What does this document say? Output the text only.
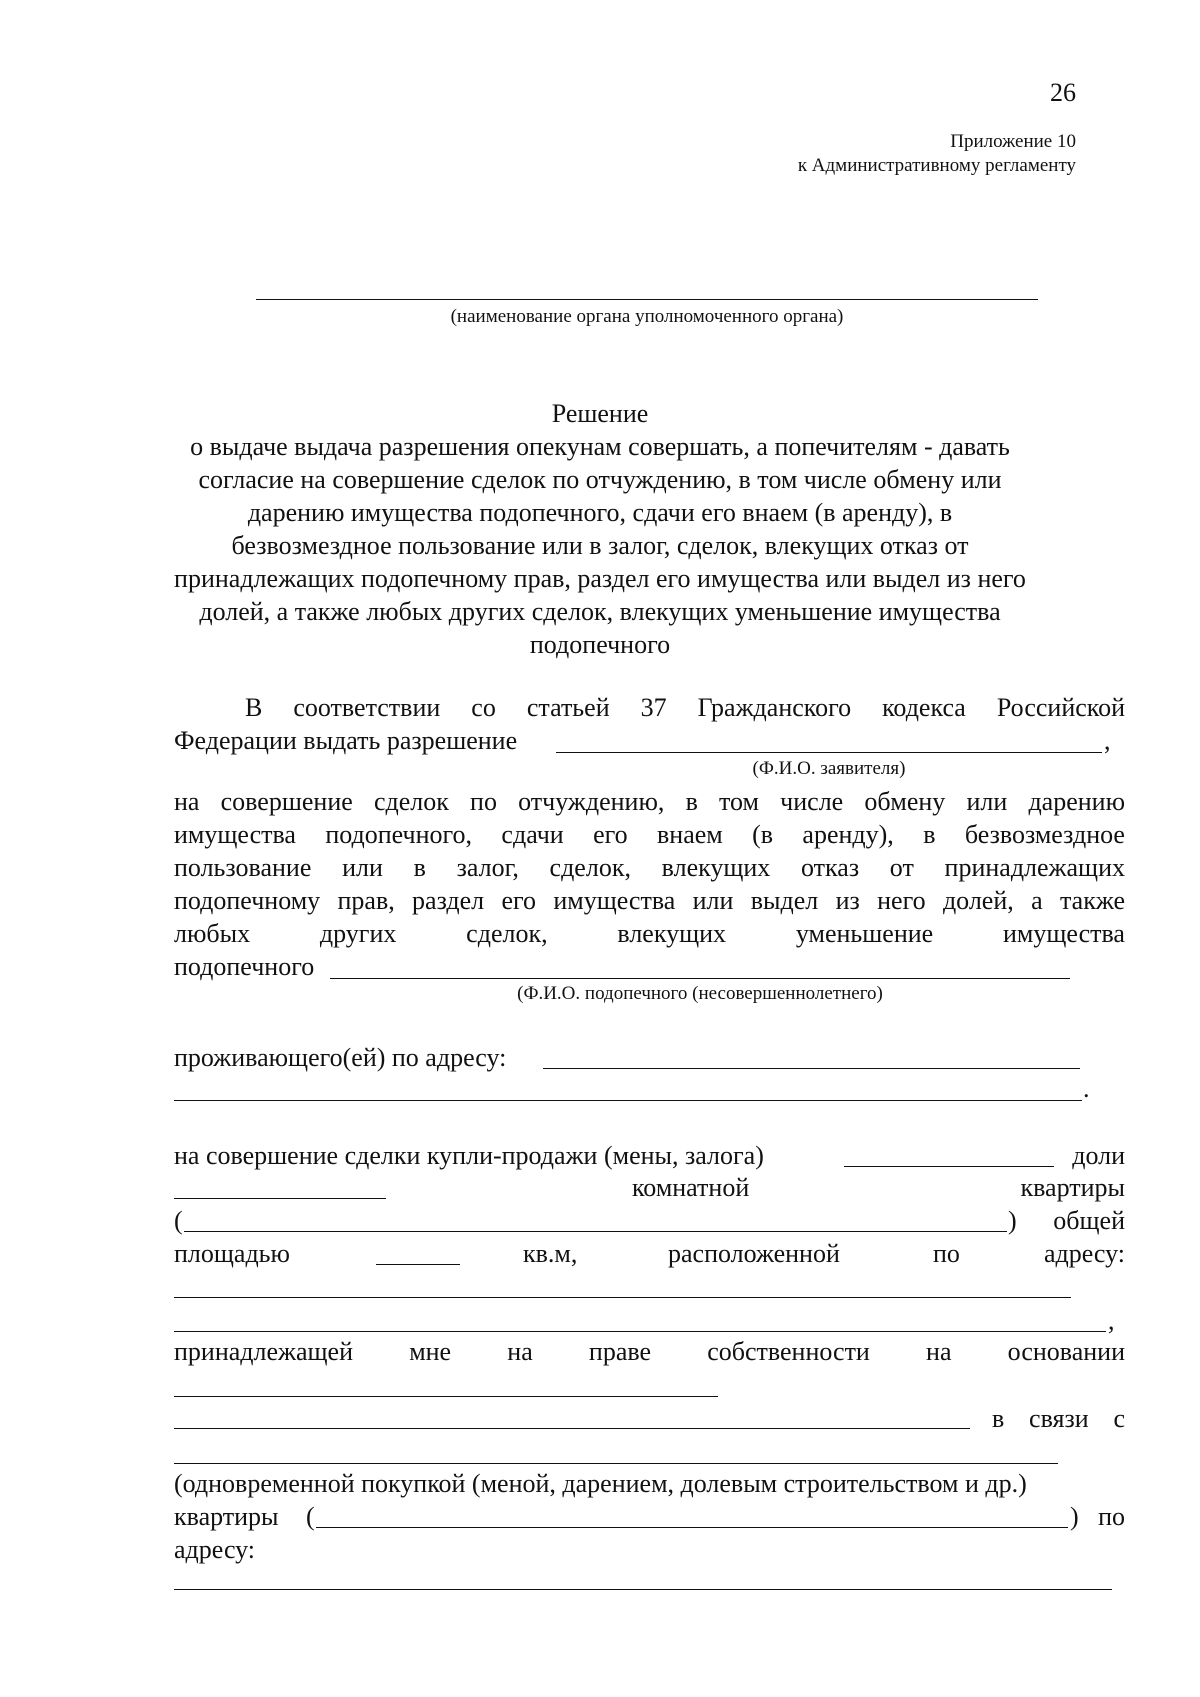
26
Приложение 10
к Административному регламенту
(наименование органа уполномоченного органа)
Решение
о выдаче выдача разрешения опекунам совершать, а попечителям - давать
согласие на совершение сделок по отчуждению, в том числе обмену или
дарению имущества подопечного, сдачи его внаем (в аренду), в
безвозмездное пользование или в залог, сделок, влекущих отказ от
принадлежащих подопечному прав, раздел его имущества или выдел из него
долей, а также любых других сделок, влекущих уменьшение имущества
подопечного
В соответствии со статьей 37 Гражданского кодекса Российской
Федерации выдать разрешение	,
(Ф.И.О. заявителя)
на совершение сделок по отчуждению, в том числе обмену или дарению
имущества подопечного, сдачи его внаем (в аренду), в безвозмездное
пользование или в залог, сделок, влекущих отказ от принадлежащих
подопечному прав, раздел его имущества или выдел из него долей, а также
любых	других	сделок,	влекущих	уменьшение	имущества
подопечного
(Ф.И.О. подопечного (несовершеннолетнего)
проживающего(ей) по адресу:
.
на совершение сделки купли-продажи (мены, залога)	доли
комнатной	квартиры
(	) общей
площадью	кв.м,	расположенной	по	адресу:
,
принадлежащей мне на праве собственности на основании
в связи с
(одновременной покупкой (меной, дарением, долевым строительством и др.)
квартиры (	) по
адресу:
